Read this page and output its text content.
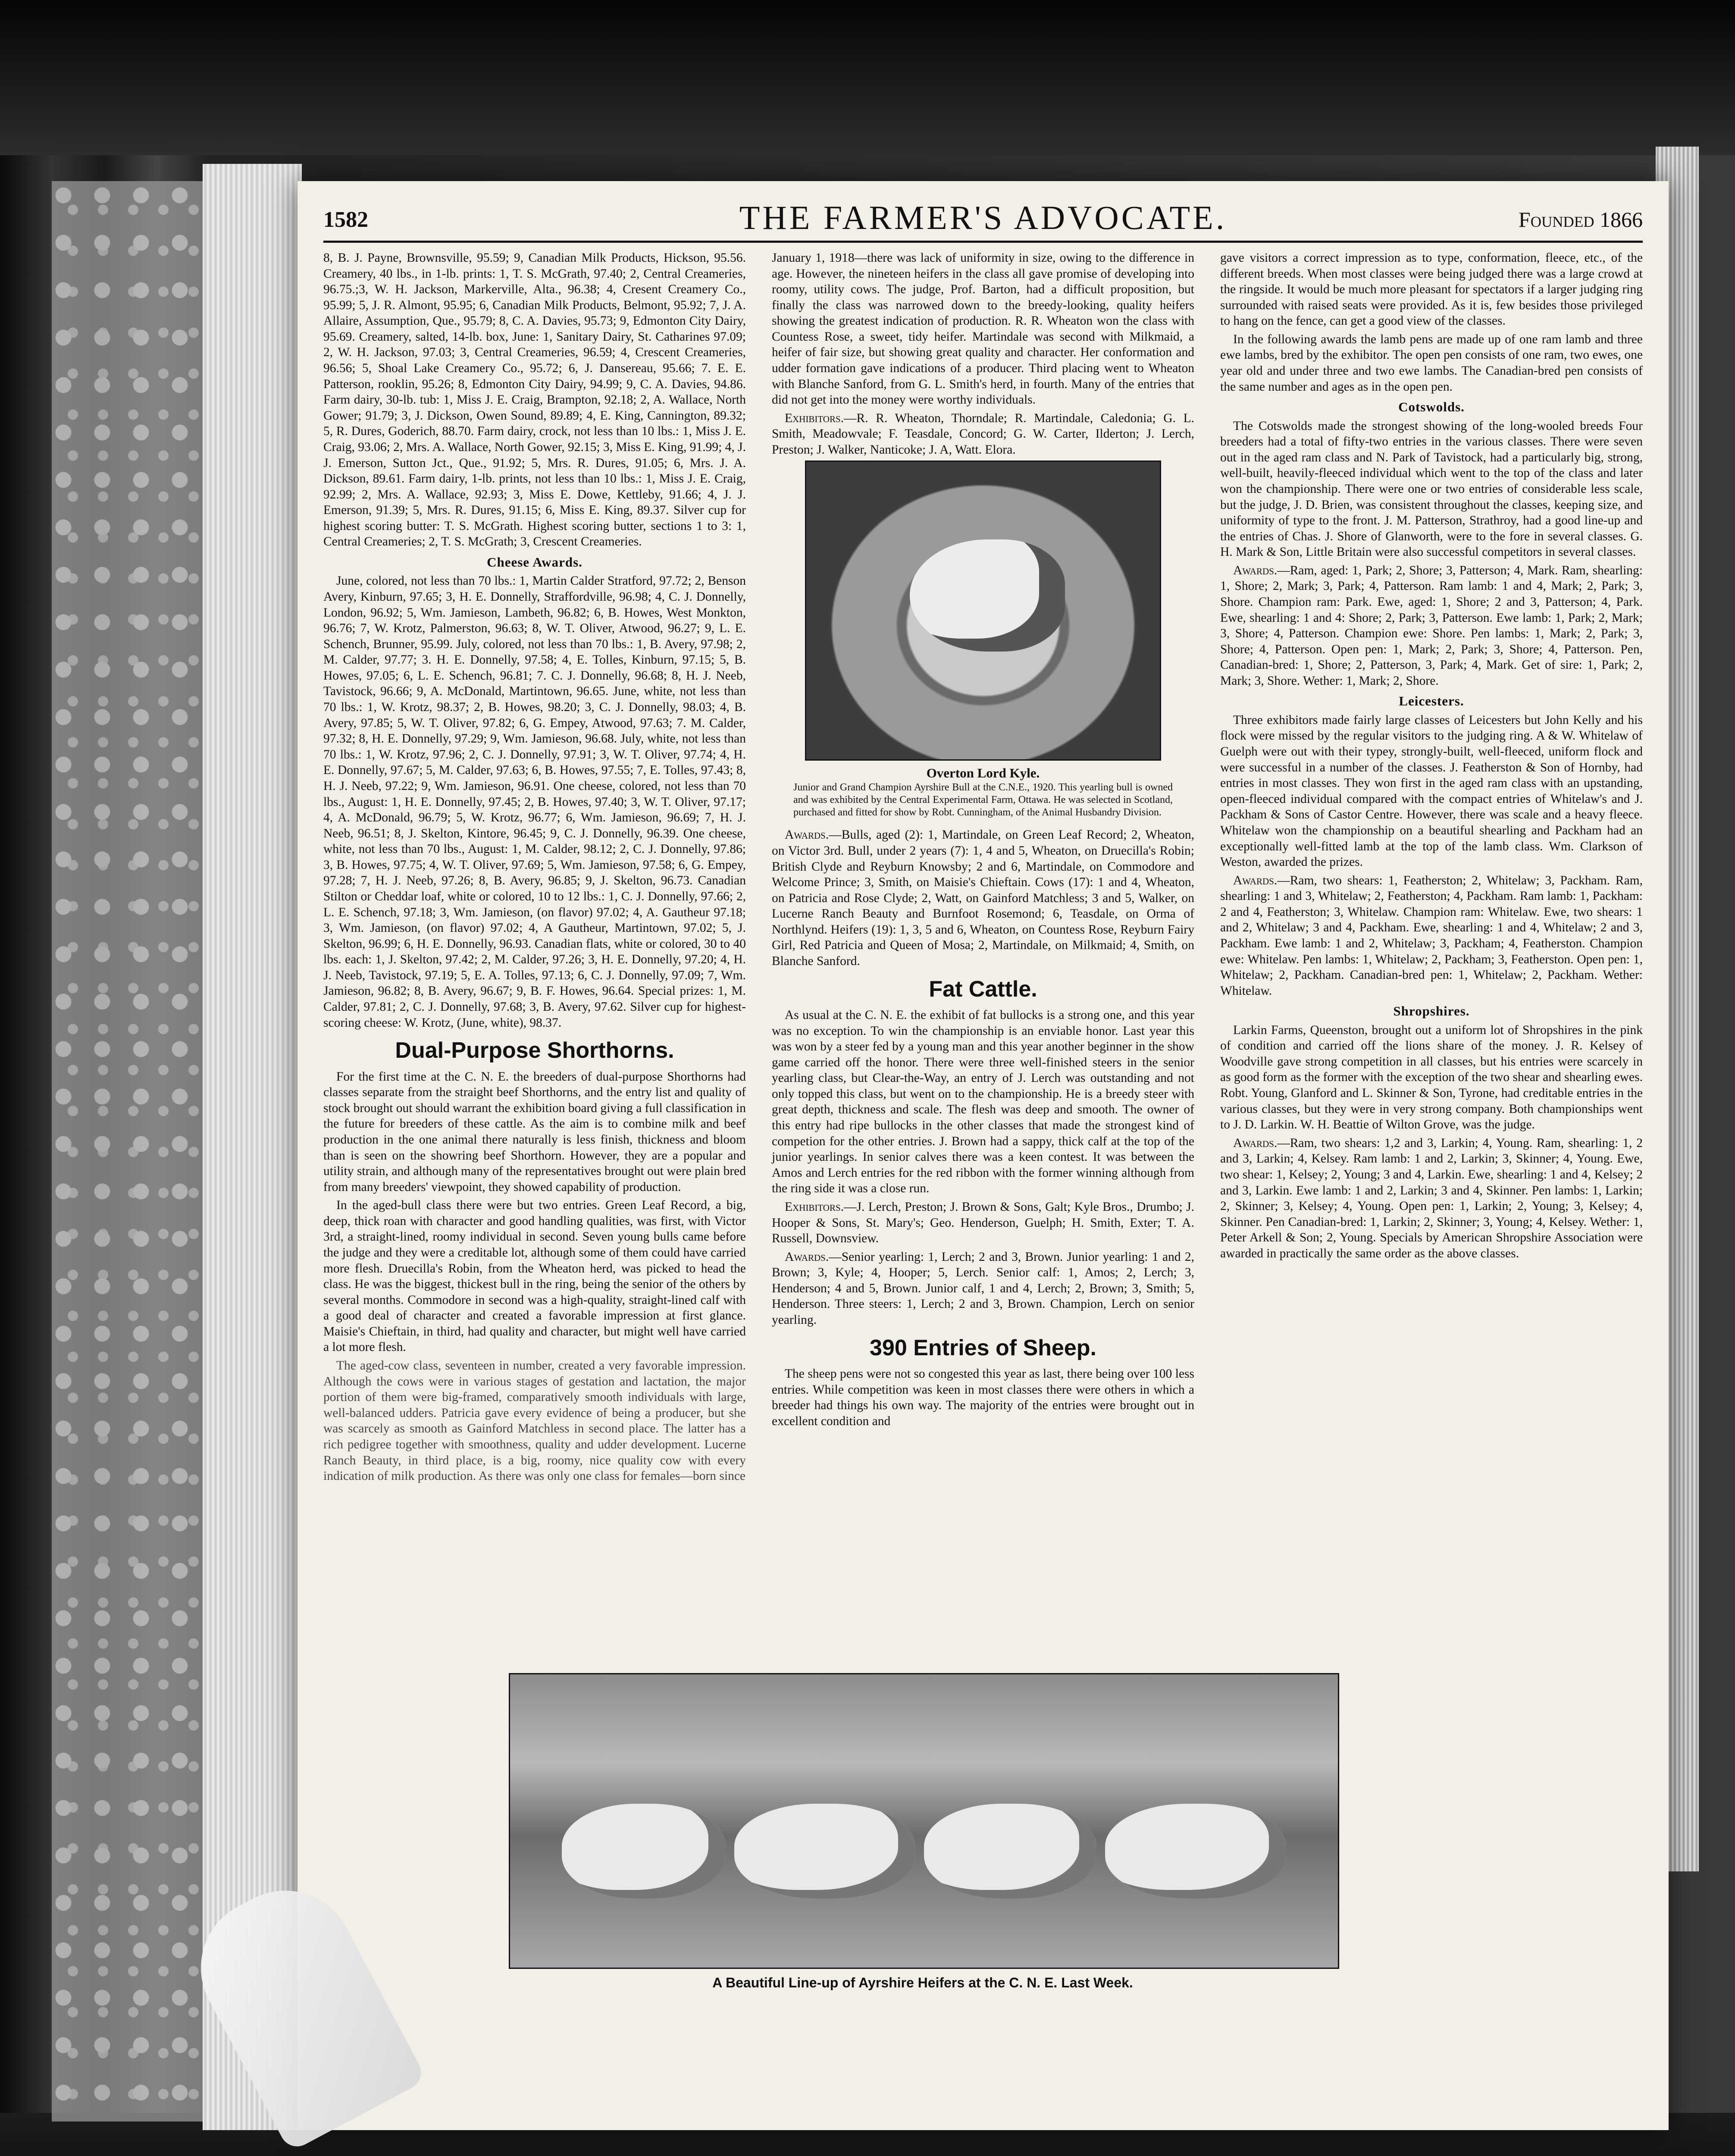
1582	THE FARMER'S ADVOCATE.	Founded 1866

8, B. J. Payne, Brownsville, 95.59; 9, Canadian Milk Products, Hickson, 95.56. Creamery, 40 lbs., in 1-lb. prints: 1, T. S. McGrath, 97.40; 2, Central Creameries, 96.75.;3, W. H. Jackson, Markerville, Alta., 96.38; 4, Cresent Creamery Co., 95.99; 5, J. R. Almont, 95.95; 6, Canadian Milk Products, Belmont, 95.92; 7, J. A. Allaire, Assumption, Que., 95.79; 8, C. A. Davies, 95.73; 9, Edmonton City Dairy, 95.69. Creamery, salted, 14-lb. box, June: 1, Sanitary Dairy, St. Catharines 97.09; 2, W. H. Jackson, 97.03; 3, Central Creameries, 96.59; 4, Crescent Creameries, 96.56; 5, Shoal Lake Creamery Co., 95.72; 6, J. Dansereau, 95.66; 7. E. E. Patterson, rooklin, 95.26; 8, Edmonton City Dairy, 94.99; 9, C. A. Davies, 94.86. Farm dairy, 30-lb. tub: 1, Miss J. E. Craig, Brampton, 92.18; 2, A. Wallace, North Gower; 91.79; 3, J. Dickson, Owen Sound, 89.89; 4, E. King, Cannington, 89.32; 5, R. Dures, Goderich, 88.70. Farm dairy, crock, not less than 10 lbs.: 1, Miss J. E. Craig, 93.06; 2, Mrs. A. Wallace, North Gower, 92.15; 3, Miss E. King, 91.99; 4, J. J. Emerson, Sutton Jct., Que., 91.92; 5, Mrs. R. Dures, 91.05; 6, Mrs. J. A. Dickson, 89.61. Farm dairy, 1-lb. prints, not less than 10 lbs.: 1, Miss J. E. Craig, 92.99; 2, Mrs. A. Wallace, 92.93; 3, Miss E. Dowe, Kettleby, 91.66; 4, J. J. Emerson, 91.39; 5, Mrs. R. Dures, 91.15; 6, Miss E. King, 89.37. Silver cup for highest scoring butter: T. S. McGrath. Highest scoring butter, sections 1 to 3: 1, Central Creameries; 2, T. S. McGrath; 3, Crescent Creameries.

Cheese Awards.

June, colored, not less than 70 lbs.: 1, Martin Calder Stratford, 97.72; 2, Benson Avery, Kinburn, 97.65; 3, H. E. Donnelly, Straffordville, 96.98; 4, C. J. Donnelly, London, 96.92; 5, Wm. Jamieson, Lambeth, 96.82; 6, B. Howes, West Monkton, 96.76; 7, W. Krotz, Palmerston, 96.63; 8, W. T. Oliver, Atwood, 96.27; 9, L. E. Schench, Brunner, 95.99. July, colored, not less than 70 lbs.: 1, B. Avery, 97.98; 2, M. Calder, 97.77; 3. H. E. Donnelly, 97.58; 4, E. Tolles, Kinburn, 97.15; 5, B. Howes, 97.05; 6, L. E. Schench, 96.81; 7. C. J. Donnelly, 96.68; 8, H. J. Neeb, Tavistock, 96.66; 9, A. McDonald, Martintown, 96.65. June, white, not less than 70 lbs.: 1, W. Krotz, 98.37; 2, B. Howes, 98.20; 3, C. J. Donnelly, 98.03; 4, B. Avery, 97.85; 5, W. T. Oliver, 97.82; 6, G. Empey, Atwood, 97.63; 7. M. Calder, 97.32; 8, H. E. Donnelly, 97.29; 9, Wm. Jamieson, 96.68. July, white, not less than 70 lbs.: 1, W. Krotz, 97.96; 2, C. J. Donnelly, 97.91; 3, W. T. Oliver, 97.74; 4, H. E. Donnelly, 97.67; 5, M. Calder, 97.63; 6, B. Howes, 97.55; 7, E. Tolles, 97.43; 8, H. J. Neeb, 97.22; 9, Wm. Jamieson, 96.91. One cheese, colored, not less than 70 lbs., August: 1, H. E. Donnelly, 97.45; 2, B. Howes, 97.40; 3, W. T. Oliver, 97.17; 4, A. McDonald, 96.79; 5, W. Krotz, 96.77; 6, Wm. Jamieson, 96.69; 7, H. J. Neeb, 96.51; 8, J. Skelton, Kintore, 96.45; 9, C. J. Donnelly, 96.39. One cheese, white, not less than 70 lbs., August: 1, M. Calder, 98.12; 2, C. J. Donnelly, 97.86; 3, B. Howes, 97.75; 4, W. T. Oliver, 97.69; 5, Wm. Jamieson, 97.58; 6, G. Empey, 97.28; 7, H. J. Neeb, 97.26; 8, B. Avery, 96.85; 9, J. Skelton, 96.73. Canadian Stilton or Cheddar loaf, white or colored, 10 to 12 lbs.: 1, C. J. Donnelly, 97.66; 2, L. E. Schench, 97.18; 3, Wm. Jamieson, (on flavor) 97.02; 4, A. Gautheur 97.18; 3, Wm. Jamieson, (on flavor) 97.02; 4, A Gautheur, Martintown, 97.02; 5, J. Skelton, 96.99; 6, H. E. Donnelly, 96.93. Canadian flats, white or colored, 30 to 40 lbs. each: 1, J. Skelton, 97.42; 2, M. Calder, 97.26; 3, H. E. Donnelly, 97.20; 4, H. J. Neeb, Tavistock, 97.19; 5, E. A. Tolles, 97.13; 6, C. J. Donnelly, 97.09; 7, Wm. Jamieson, 96.82; 8, B. Avery, 96.67; 9, B. F. Howes, 96.64. Special prizes: 1, M. Calder, 97.81; 2, C. J. Donnelly, 97.68; 3, B. Avery, 97.62. Silver cup for highest-scoring cheese: W. Krotz, (June, white), 98.37.

Dual-Purpose Shorthorns.

For the first time at the C. N. E. the breeders of dual-purpose Shorthorns had classes separate from the straight beef Shorthorns, and the entry list and quality of stock brought out should warrant the exhibition board giving a full classification in the future for breeders of these cattle. As the aim is to combine milk and beef production in the one animal there naturally is less finish, thickness and bloom than is seen on the showring beef Shorthorn. However, they are a popular and utility strain, and although many of the representatives brought out were plain bred from many breeders' viewpoint, they showed capability of production.

In the aged-bull class there were but two entries. Green Leaf Record, a big, deep, thick roan with character and good handling qualities, was first, with Victor 3rd, a straight-lined, roomy individual in second. Seven young bulls came before the judge and they were a creditable lot, although some of them could have carried more flesh. Druecilla's Robin, from the Wheaton herd, was picked to head the class. He was the biggest, thickest bull in the ring, being the senior of the others by several months. Commodore in second was a high-quality, straight-lined calf with a good deal of character and created a favorable impression at first glance. Maisie's Chieftain, in third, had quality and character, but might well have carried a lot more flesh.

The aged-cow class, seventeen in number, created a very favorable impression. Although the cows were in various stages of gestation and lactation, the major portion of them were big-framed, comparatively smooth individuals with large, well-balanced udders. Patricia gave every evidence of being a producer, but she was scarcely as smooth as Gainford Matchless in second place. The latter has a rich pedigree together with smoothness, quality and udder development. Lucerne Ranch Beauty, in third place, is a big, roomy, nice quality cow with every indication of milk production. As there was only one class for females—born since

January 1, 1918—there was lack of uniformity in size, owing to the difference in age. However, the nineteen heifers in the class all gave promise of developing into roomy, utility cows. The judge, Prof. Barton, had a difficult proposition, but finally the class was narrowed down to the breedy-looking, quality heifers showing the greatest indication of production. R. R. Wheaton won the class with Countess Rose, a sweet, tidy heifer. Martindale was second with Milkmaid, a heifer of fair size, but showing great quality and character. Her conformation and udder formation gave indications of a producer. Third placing went to Wheaton with Blanche Sanford, from G. L. Smith's herd, in fourth. Many of the entries that did not get into the money were worthy individuals.

Exhibitors.—R. R. Wheaton, Thorndale; R. Martindale, Caledonia; G. L. Smith, Meadowvale; F. Teasdale, Concord; G. W. Carter, Ilderton; J. Lerch, Preston; J. Walker, Nanticoke; J. A, Watt. Elora.

Overton Lord Kyle.
Junior and Grand Champion Ayrshire Bull at the C.N.E., 1920. This yearling bull is owned and was exhibited by the Central Experimental Farm, Ottawa. He was selected in Scotland, purchased and fitted for show by Robt. Cunningham, of the Animal Husbandry Division.

Awards.—Bulls, aged (2): 1, Martindale, on Green Leaf Record; 2, Wheaton, on Victor 3rd. Bull, under 2 years (7): 1, 4 and 5, Wheaton, on Druecilla's Robin; British Clyde and Reyburn Knowsby; 2 and 6, Martindale, on Commodore and Welcome Prince; 3, Smith, on Maisie's Chieftain. Cows (17): 1 and 4, Wheaton, on Patricia and Rose Clyde; 2, Watt, on Gainford Matchless; 3 and 5, Walker, on Lucerne Ranch Beauty and Burnfoot Rosemond; 6, Teasdale, on Orma of Northlynd. Heifers (19): 1, 3, 5 and 6, Wheaton, on Countess Rose, Reyburn Fairy Girl, Red Patricia and Queen of Mosa; 2, Martindale, on Milkmaid; 4, Smith, on Blanche Sanford.

Fat Cattle.

As usual at the C. N. E. the exhibit of fat bullocks is a strong one, and this year was no exception. To win the championship is an enviable honor. Last year this was won by a steer fed by a young man and this year another beginner in the show game carried off the honor. There were three well-finished steers in the senior yearling class, but Clear-the-Way, an entry of J. Lerch was outstanding and not only topped this class, but went on to the championship. He is a breedy steer with great depth, thickness and scale. The flesh was deep and smooth. The owner of this entry had ripe bullocks in the other classes that made the strongest kind of competion for the other entries. J. Brown had a sappy, thick calf at the top of the junior yearlings. In senior calves there was a keen contest. It was between the Amos and Lerch entries for the red ribbon with the former winning although from the ring side it was a close run.

Exhibitors.—J. Lerch, Preston; J. Brown & Sons, Galt; Kyle Bros., Drumbo; J. Hooper & Sons, St. Mary's; Geo. Henderson, Guelph; H. Smith, Exter; T. A. Russell, Downsview.

Awards.—Senior yearling: 1, Lerch; 2 and 3, Brown. Junior yearling: 1 and 2, Brown; 3, Kyle; 4, Hooper; 5, Lerch. Senior calf: 1, Amos; 2, Lerch; 3, Henderson; 4 and 5, Brown. Junior calf, 1 and 4, Lerch; 2, Brown; 3, Smith; 5, Henderson. Three steers: 1, Lerch; 2 and 3, Brown. Champion, Lerch on senior yearling.

390 Entries of Sheep.

The sheep pens were not so congested this year as last, there being over 100 less entries. While competition was keen in most classes there were others in which a breeder had things his own way. The majority of the entries were brought out in excellent condition and

gave visitors a correct impression as to type, conformation, fleece, etc., of the different breeds. When most classes were being judged there was a large crowd at the ringside. It would be much more pleasant for spectators if a larger judging ring surrounded with raised seats were provided. As it is, few besides those privileged to hang on the fence, can get a good view of the classes.

In the following awards the lamb pens are made up of one ram lamb and three ewe lambs, bred by the exhibitor. The open pen consists of one ram, two ewes, one year old and under three and two ewe lambs. The Canadian-bred pen consists of the same number and ages as in the open pen.

Cotswolds.

The Cotswolds made the strongest showing of the long-wooled breeds Four breeders had a total of fifty-two entries in the various classes. There were seven out in the aged ram class and N. Park of Tavistock, had a particularly big, strong, well-built, heavily-fleeced individual which went to the top of the class and later won the championship. There were one or two entries of considerable less scale, but the judge, J. D. Brien, was consistent throughout the classes, keeping size, and uniformity of type to the front. J. M. Patterson, Strathroy, had a good line-up and the entries of Chas. J. Shore of Glanworth, were to the fore in several classes. G. H. Mark & Son, Little Britain were also successful competitors in several classes.

Awards.—Ram, aged: 1, Park; 2, Shore; 3, Patterson; 4, Mark. Ram, shearling: 1, Shore; 2, Mark; 3, Park; 4, Patterson. Ram lamb: 1 and 4, Mark; 2, Park; 3, Shore. Champion ram: Park. Ewe, aged: 1, Shore; 2 and 3, Patterson; 4, Park. Ewe, shearling: 1 and 4: Shore; 2, Park; 3, Patterson. Ewe lamb: 1, Park; 2, Mark; 3, Shore; 4, Patterson. Champion ewe: Shore. Pen lambs: 1, Mark; 2, Park; 3, Shore; 4, Patterson. Open pen: 1, Mark; 2, Park; 3, Shore; 4, Patterson. Pen, Canadian-bred: 1, Shore; 2, Patterson, 3, Park; 4, Mark. Get of sire: 1, Park; 2, Mark; 3, Shore. Wether: 1, Mark; 2, Shore.

Leicesters.

Three exhibitors made fairly large classes of Leicesters but John Kelly and his flock were missed by the regular visitors to the judging ring. A & W. Whitelaw of Guelph were out with their typey, strongly-built, well-fleeced, uniform flock and were successful in a number of the classes. J. Featherston & Son of Hornby, had entries in most classes. They won first in the aged ram class with an upstanding, open-fleeced individual compared with the compact entries of Whitelaw's and J. Packham & Sons of Castor Centre. However, there was scale and a heavy fleece. Whitelaw won the championship on a beautiful shearling and Packham had an exceptionally well-fitted lamb at the top of the lamb class. Wm. Clarkson of Weston, awarded the prizes.

Awards.—Ram, two shears: 1, Featherston; 2, Whitelaw; 3, Packham. Ram, shearling: 1 and 3, Whitelaw; 2, Featherston; 4, Packham. Ram lamb: 1, Packham: 2 and 4, Featherston; 3, Whitelaw. Champion ram: Whitelaw. Ewe, two shears: 1 and 2, Whitelaw; 3 and 4, Packham. Ewe, shearling: 1 and 4, Whitelaw; 2 and 3, Packham. Ewe lamb: 1 and 2, Whitelaw; 3, Packham; 4, Featherston. Champion ewe: Whitelaw. Pen lambs: 1, Whitelaw; 2, Packham; 3, Featherston. Open pen: 1, Whitelaw; 2, Packham. Canadian-bred pen: 1, Whitelaw; 2, Packham. Wether: Whitelaw.

Shropshires.

Larkin Farms, Queenston, brought out a uniform lot of Shropshires in the pink of condition and carried off the lions share of the money. J. R. Kelsey of Woodville gave strong competition in all classes, but his entries were scarcely in as good form as the former with the exception of the two shear and shearling ewes. Robt. Young, Glanford and L. Skinner & Son, Tyrone, had creditable entries in the various classes, but they were in very strong company. Both championships went to J. D. Larkin. W. H. Beattie of Wilton Grove, was the judge.

Awards.—Ram, two shears: 1,2 and 3, Larkin; 4, Young. Ram, shearling: 1, 2 and 3, Larkin; 4, Kelsey. Ram lamb: 1 and 2, Larkin; 3, Skinner; 4, Young. Ewe, two shear: 1, Kelsey; 2, Young; 3 and 4, Larkin. Ewe, shearling: 1 and 4, Kelsey; 2 and 3, Larkin. Ewe lamb: 1 and 2, Larkin; 3 and 4, Skinner. Pen lambs: 1, Larkin; 2, Skinner; 3, Kelsey; 4, Young. Open pen: 1, Larkin; 2, Young; 3, Kelsey; 4, Skinner. Pen Canadian-bred: 1, Larkin; 2, Skinner; 3, Young; 4, Kelsey. Wether: 1, Peter Arkell & Son; 2, Young. Specials by American Shropshire Association were awarded in practically the same order as the above classes.

A Beautiful Line-up of Ayrshire Heifers at the C. N. E. Last Week.
